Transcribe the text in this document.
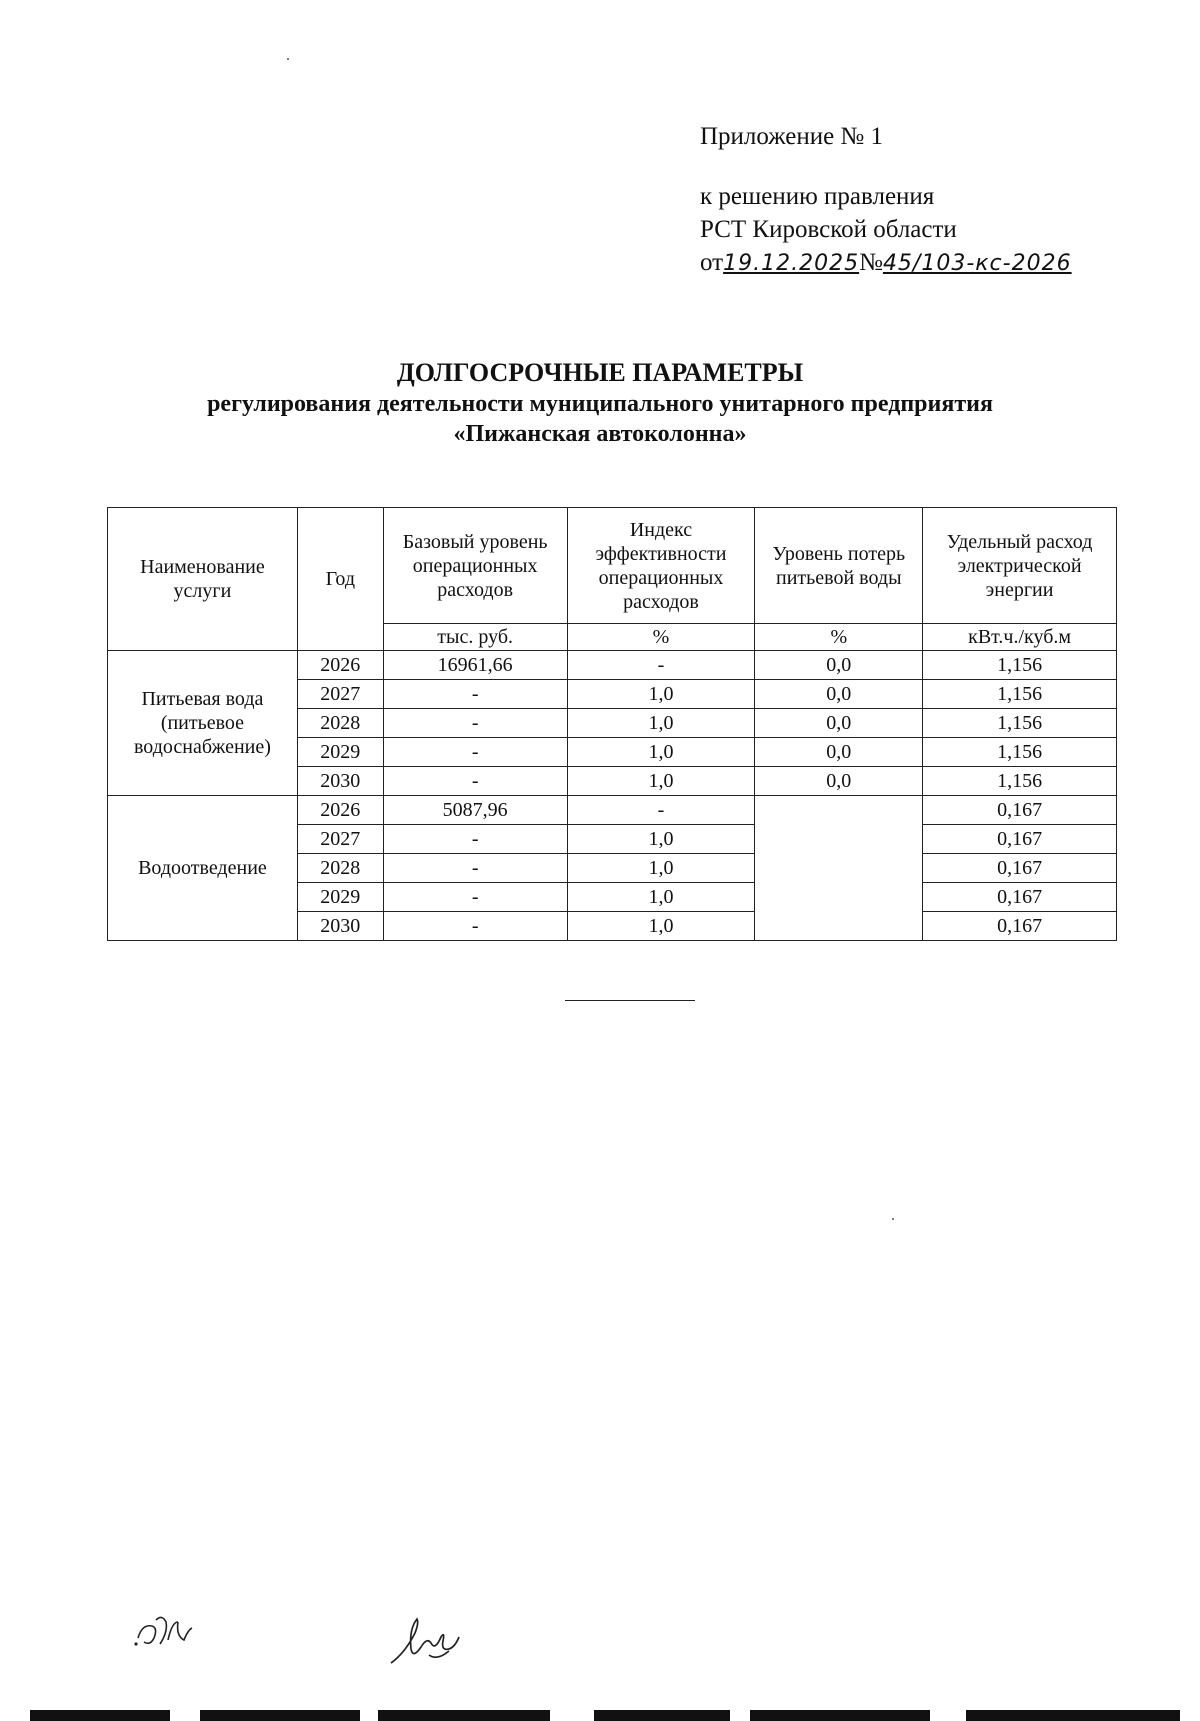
Приложение № 1
к решению правления
РСТ Кировской области
от19.12.2025№45/103-кс-2026
ДОЛГОСРОЧНЫЕ ПАРАМЕТРЫ
регулирования деятельности муниципального унитарного предприятия
«Пижанская автоколонна»
Наименование услуги	Год	Базовый уровень операционных расходов	Индекс эффективности операционных расходов	Уровень потерь питьевой воды	Удельный расход электрической энергии
		тыс. руб.	%	%	кВт.ч./куб.м
Питьевая вода (питьевое водоснабжение)	2026	16961,66	-	0,0	1,156
	2027	-	1,0	0,0	1,156
	2028	-	1,0	0,0	1,156
	2029	-	1,0	0,0	1,156
	2030	-	1,0	0,0	1,156
Водоотведение	2026	5087,96	-		0,167
	2027	-	1,0		0,167
	2028	-	1,0		0,167
	2029	-	1,0		0,167
	2030	-	1,0		0,167
